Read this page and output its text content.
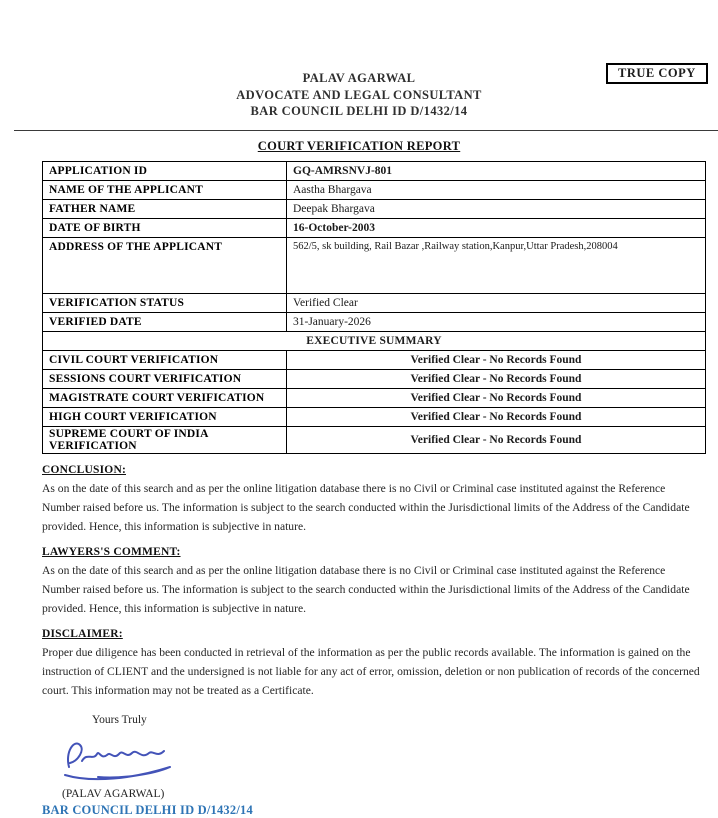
TRUE COPY
PALAV AGARWAL
ADVOCATE AND LEGAL CONSULTANT
BAR COUNCIL DELHI ID D/1432/14
COURT VERIFICATION REPORT
APPLICATION ID	GQ-AMRSNVJ-801
NAME OF THE APPLICANT	Aastha Bhargava
FATHER NAME	Deepak Bhargava
DATE OF BIRTH	16-October-2003
ADDRESS OF THE APPLICANT	562/5, sk building, Rail Bazar ,Railway station,Kanpur,Uttar Pradesh,208004
VERIFICATION STATUS	Verified Clear
VERIFIED DATE	31-January-2026
EXECUTIVE SUMMARY	
CIVIL COURT VERIFICATION	Verified Clear - No Records Found
SESSIONS COURT VERIFICATION	Verified Clear - No Records Found
MAGISTRATE COURT VERIFICATION	Verified Clear - No Records Found
HIGH COURT VERIFICATION	Verified Clear - No Records Found
SUPREME COURT OF INDIA VERIFICATION	Verified Clear - No Records Found
CONCLUSION:
As on the date of this search and as per the online litigation database there is no Civil or Criminal case instituted against the Reference Number raised before us. The information is subject to the search conducted within the Jurisdictional limits of the Address of the Candidate provided. Hence, this information is subjective in nature.
LAWYERS'S COMMENT:
As on the date of this search and as per the online litigation database there is no Civil or Criminal case instituted against the Reference Number raised before us. The information is subject to the search conducted within the Jurisdictional limits of the Address of the Candidate provided. Hence, this information is subjective in nature.
DISCLAIMER:
Proper due diligence has been conducted in retrieval of the information as per the public records available. The information is gained on the instruction of CLIENT and the undersigned is not liable for any act of error, omission, deletion or non publication of records of the concerned court. This information may not be treated as a Certificate.
Yours Truly
(PALAV AGARWAL)
BAR COUNCIL DELHI ID D/1432/14
